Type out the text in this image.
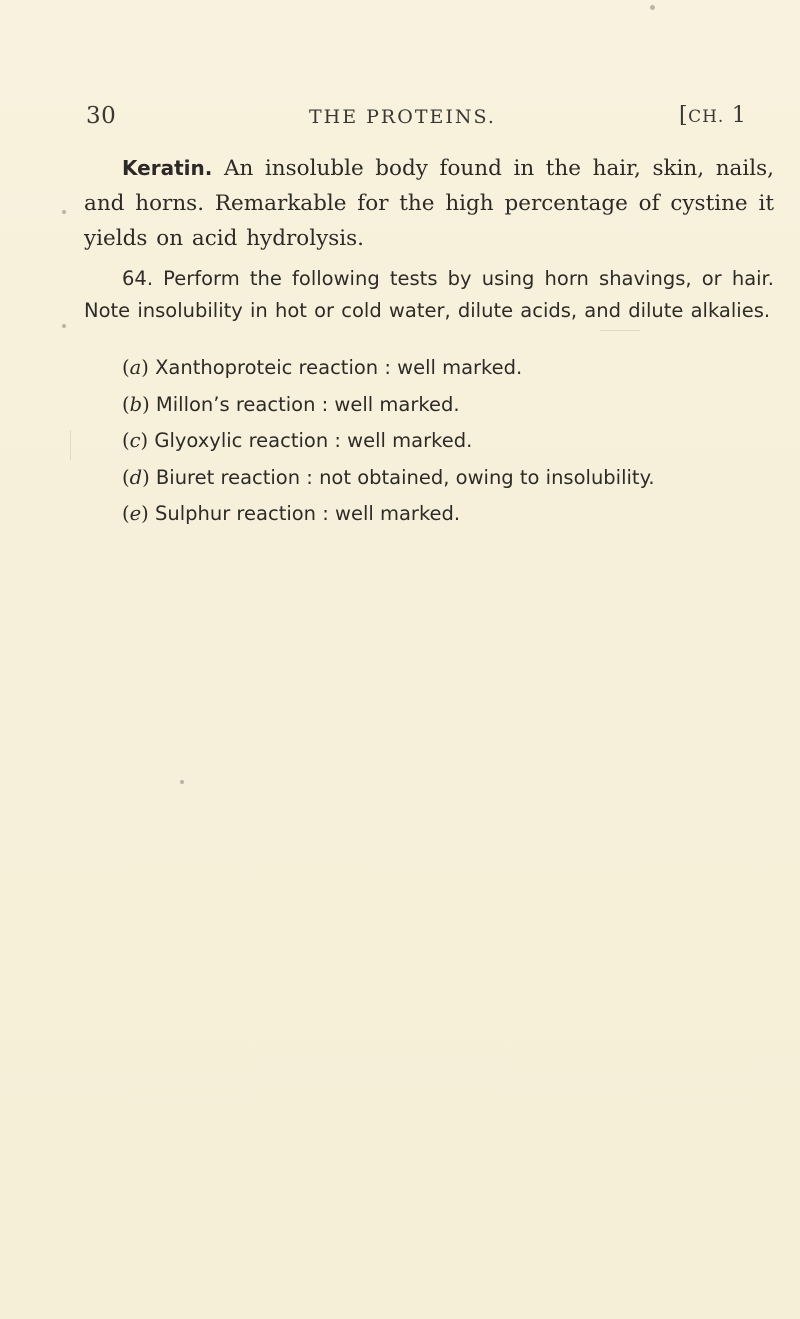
30	THE PROTEINS.	[CH. 1

Keratin. An insoluble body found in the hair, skin, nails, and horns. Remarkable for the high percentage of cystine it yields on acid hydrolysis.

64. Perform the following tests by using horn shavings, or hair. Note insolubility in hot or cold water, dilute acids, and dilute alkalies.

(a) Xanthoproteic reaction : well marked.
(b) Millon’s reaction : well marked.
(c) Glyoxylic reaction : well marked.
(d) Biuret reaction : not obtained, owing to insolubility.
(e) Sulphur reaction : well marked.
